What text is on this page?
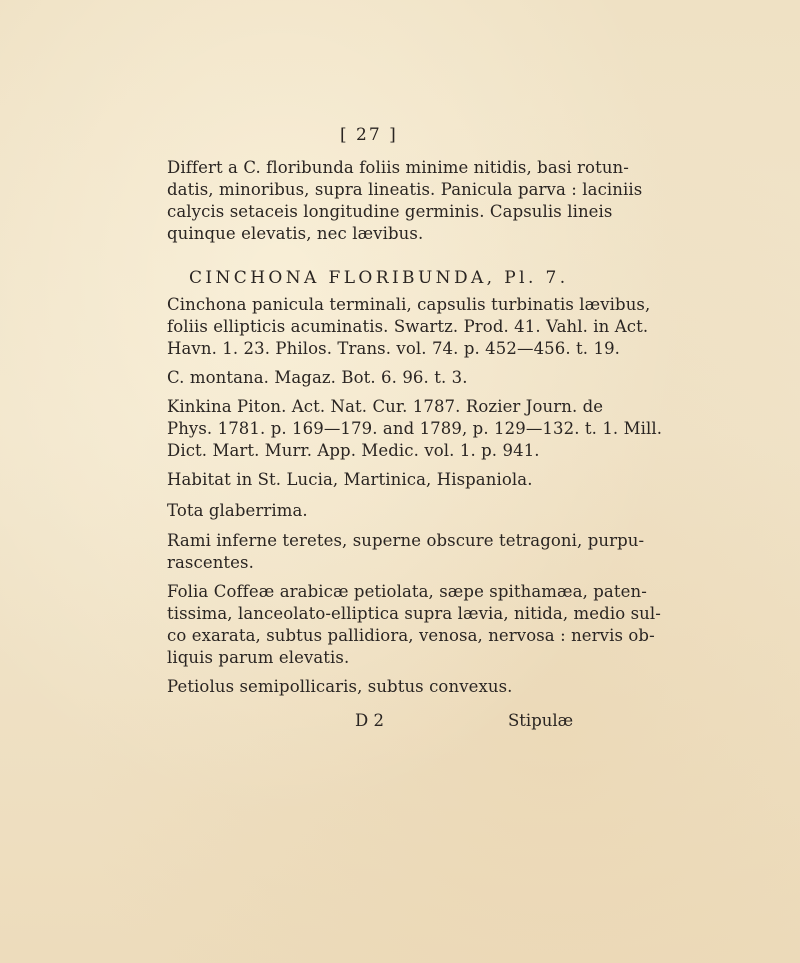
[ 27 ]
Differt a C. floribunda foliis minime nitidis, basi rotun-
datis, minoribus, supra lineatis. Panicula parva : laciniis
calycis setaceis longitudine germinis. Capsulis lineis
quinque elevatis, nec lævibus.
CINCHONA FLORIBUNDA, Pl. 7.
Cinchona panicula terminali, capsulis turbinatis lævibus,
foliis ellipticis acuminatis. Swartz. Prod. 41. Vahl. in Act.
Havn. 1. 23. Philos. Trans. vol. 74. p. 452—456. t. 19.
C. montana. Magaz. Bot. 6. 96. t. 3.
Kinkina Piton. Act. Nat. Cur. 1787. Rozier Journ. de
Phys. 1781. p. 169—179. and 1789, p. 129—132. t. 1. Mill.
Dict. Mart. Murr. App. Medic. vol. 1. p. 941.
Habitat in St. Lucia, Martinica, Hispaniola.
Tota glaberrima.
Rami inferne teretes, superne obscure tetragoni, purpu-
rascentes.
Folia Coffeæ arabicæ petiolata, sæpe spithamæa, paten-
tissima, lanceolato-elliptica supra lævia, nitida, medio sul-
co exarata, subtus pallidiora, venosa, nervosa : nervis ob-
liquis parum elevatis.
Petiolus semipollicaris, subtus convexus.
D 2	Stipulæ
